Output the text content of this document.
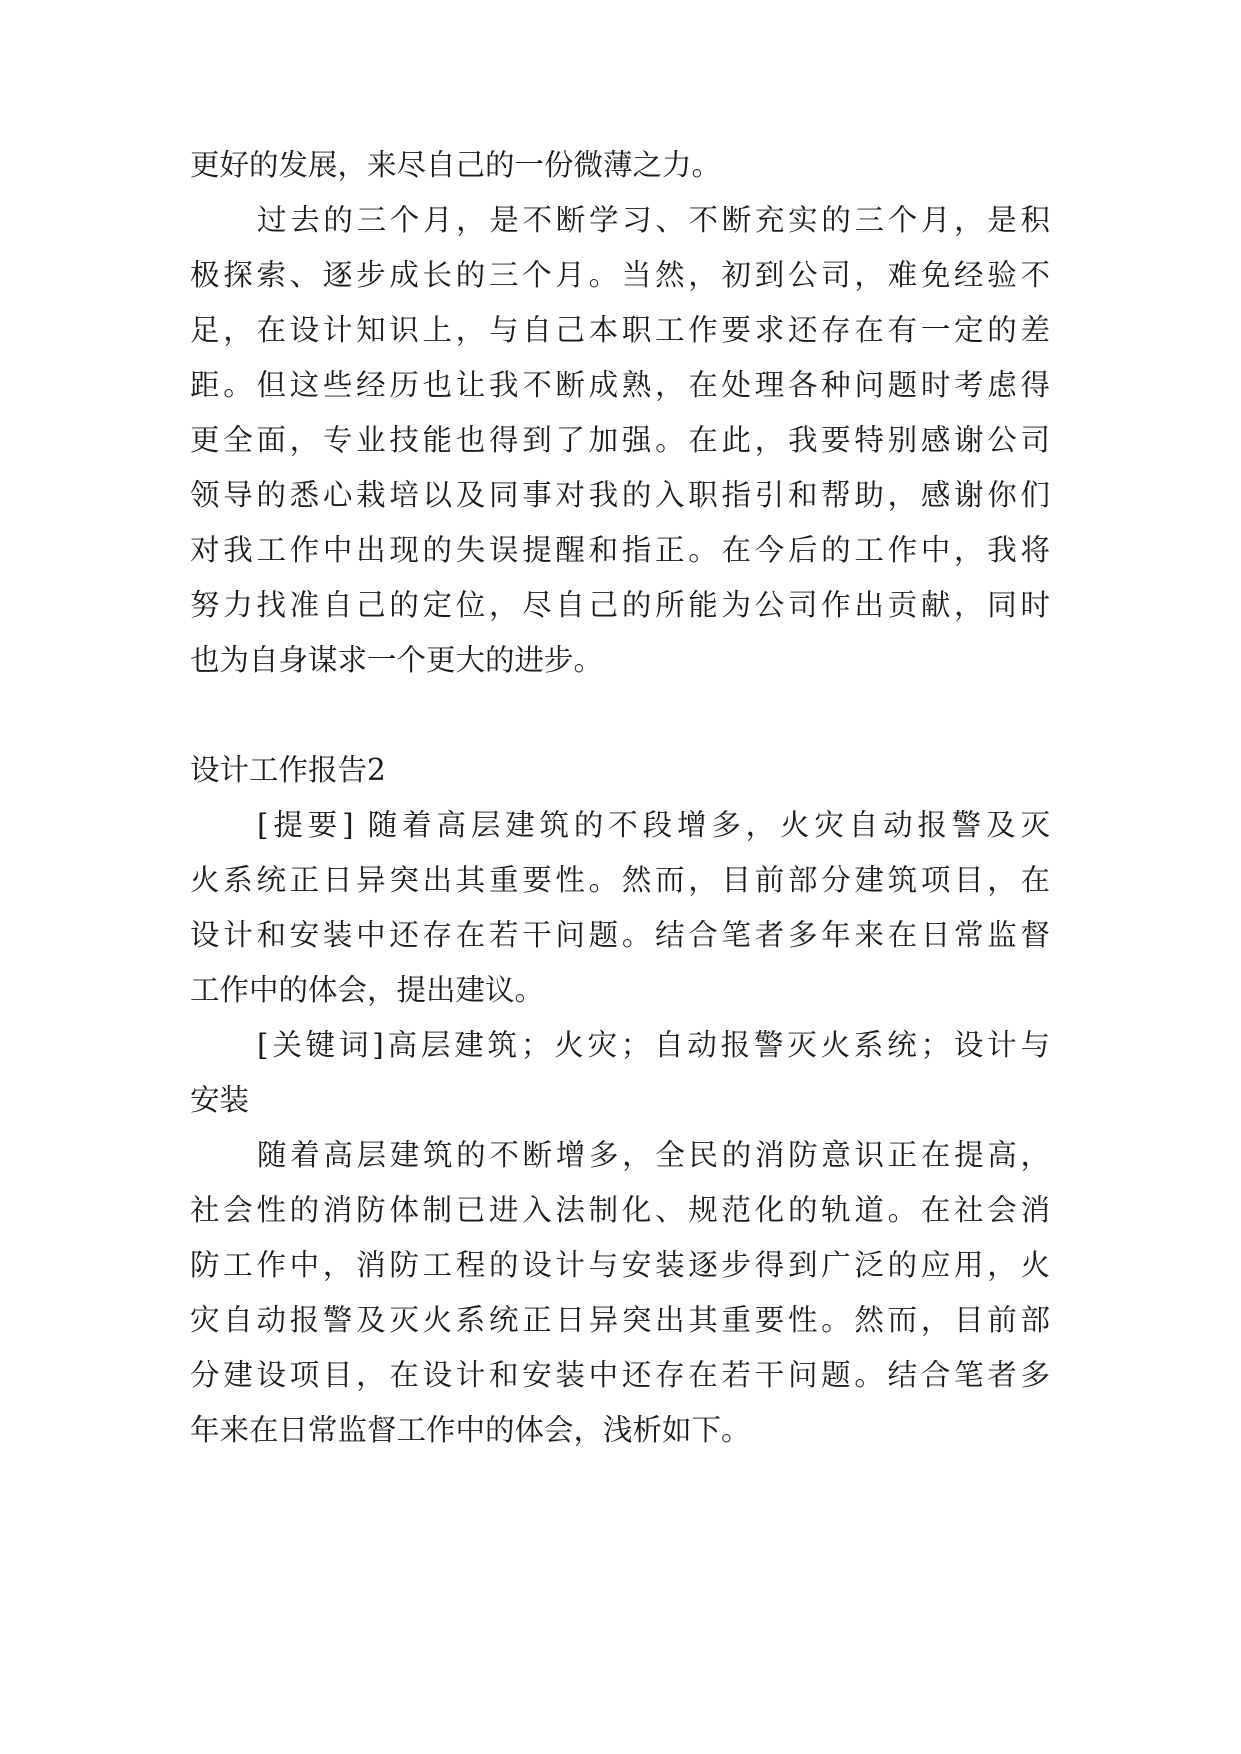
更好的发展，来尽自己的一份微薄之力。
过去的三个月，是不断学习、不断充实的三个月，是积
极探索、逐步成长的三个月。当然，初到公司，难免经验不
足，在设计知识上，与自己本职工作要求还存在有一定的差
距。但这些经历也让我不断成熟，在处理各种问题时考虑得
更全面，专业技能也得到了加强。在此，我要特别感谢公司
领导的悉心栽培以及同事对我的入职指引和帮助，感谢你们
对我工作中出现的失误提醒和指正。在今后的工作中，我将
努力找准自己的定位，尽自己的所能为公司作出贡献，同时
也为自身谋求一个更大的进步。
设计工作报告2
[提要] 随着高层建筑的不段增多，火灾自动报警及灭
火系统正日异突出其重要性。然而，目前部分建筑项目，在
设计和安装中还存在若干问题。结合笔者多年来在日常监督
工作中的体会，提出建议。
[关键词]高层建筑；火灾；自动报警灭火系统；设计与
安装
随着高层建筑的不断增多，全民的消防意识正在提高，
社会性的消防体制已进入法制化、规范化的轨道。在社会消
防工作中，消防工程的设计与安装逐步得到广泛的应用，火
灾自动报警及灭火系统正日异突出其重要性。然而，目前部
分建设项目，在设计和安装中还存在若干问题。结合笔者多
年来在日常监督工作中的体会，浅析如下。
